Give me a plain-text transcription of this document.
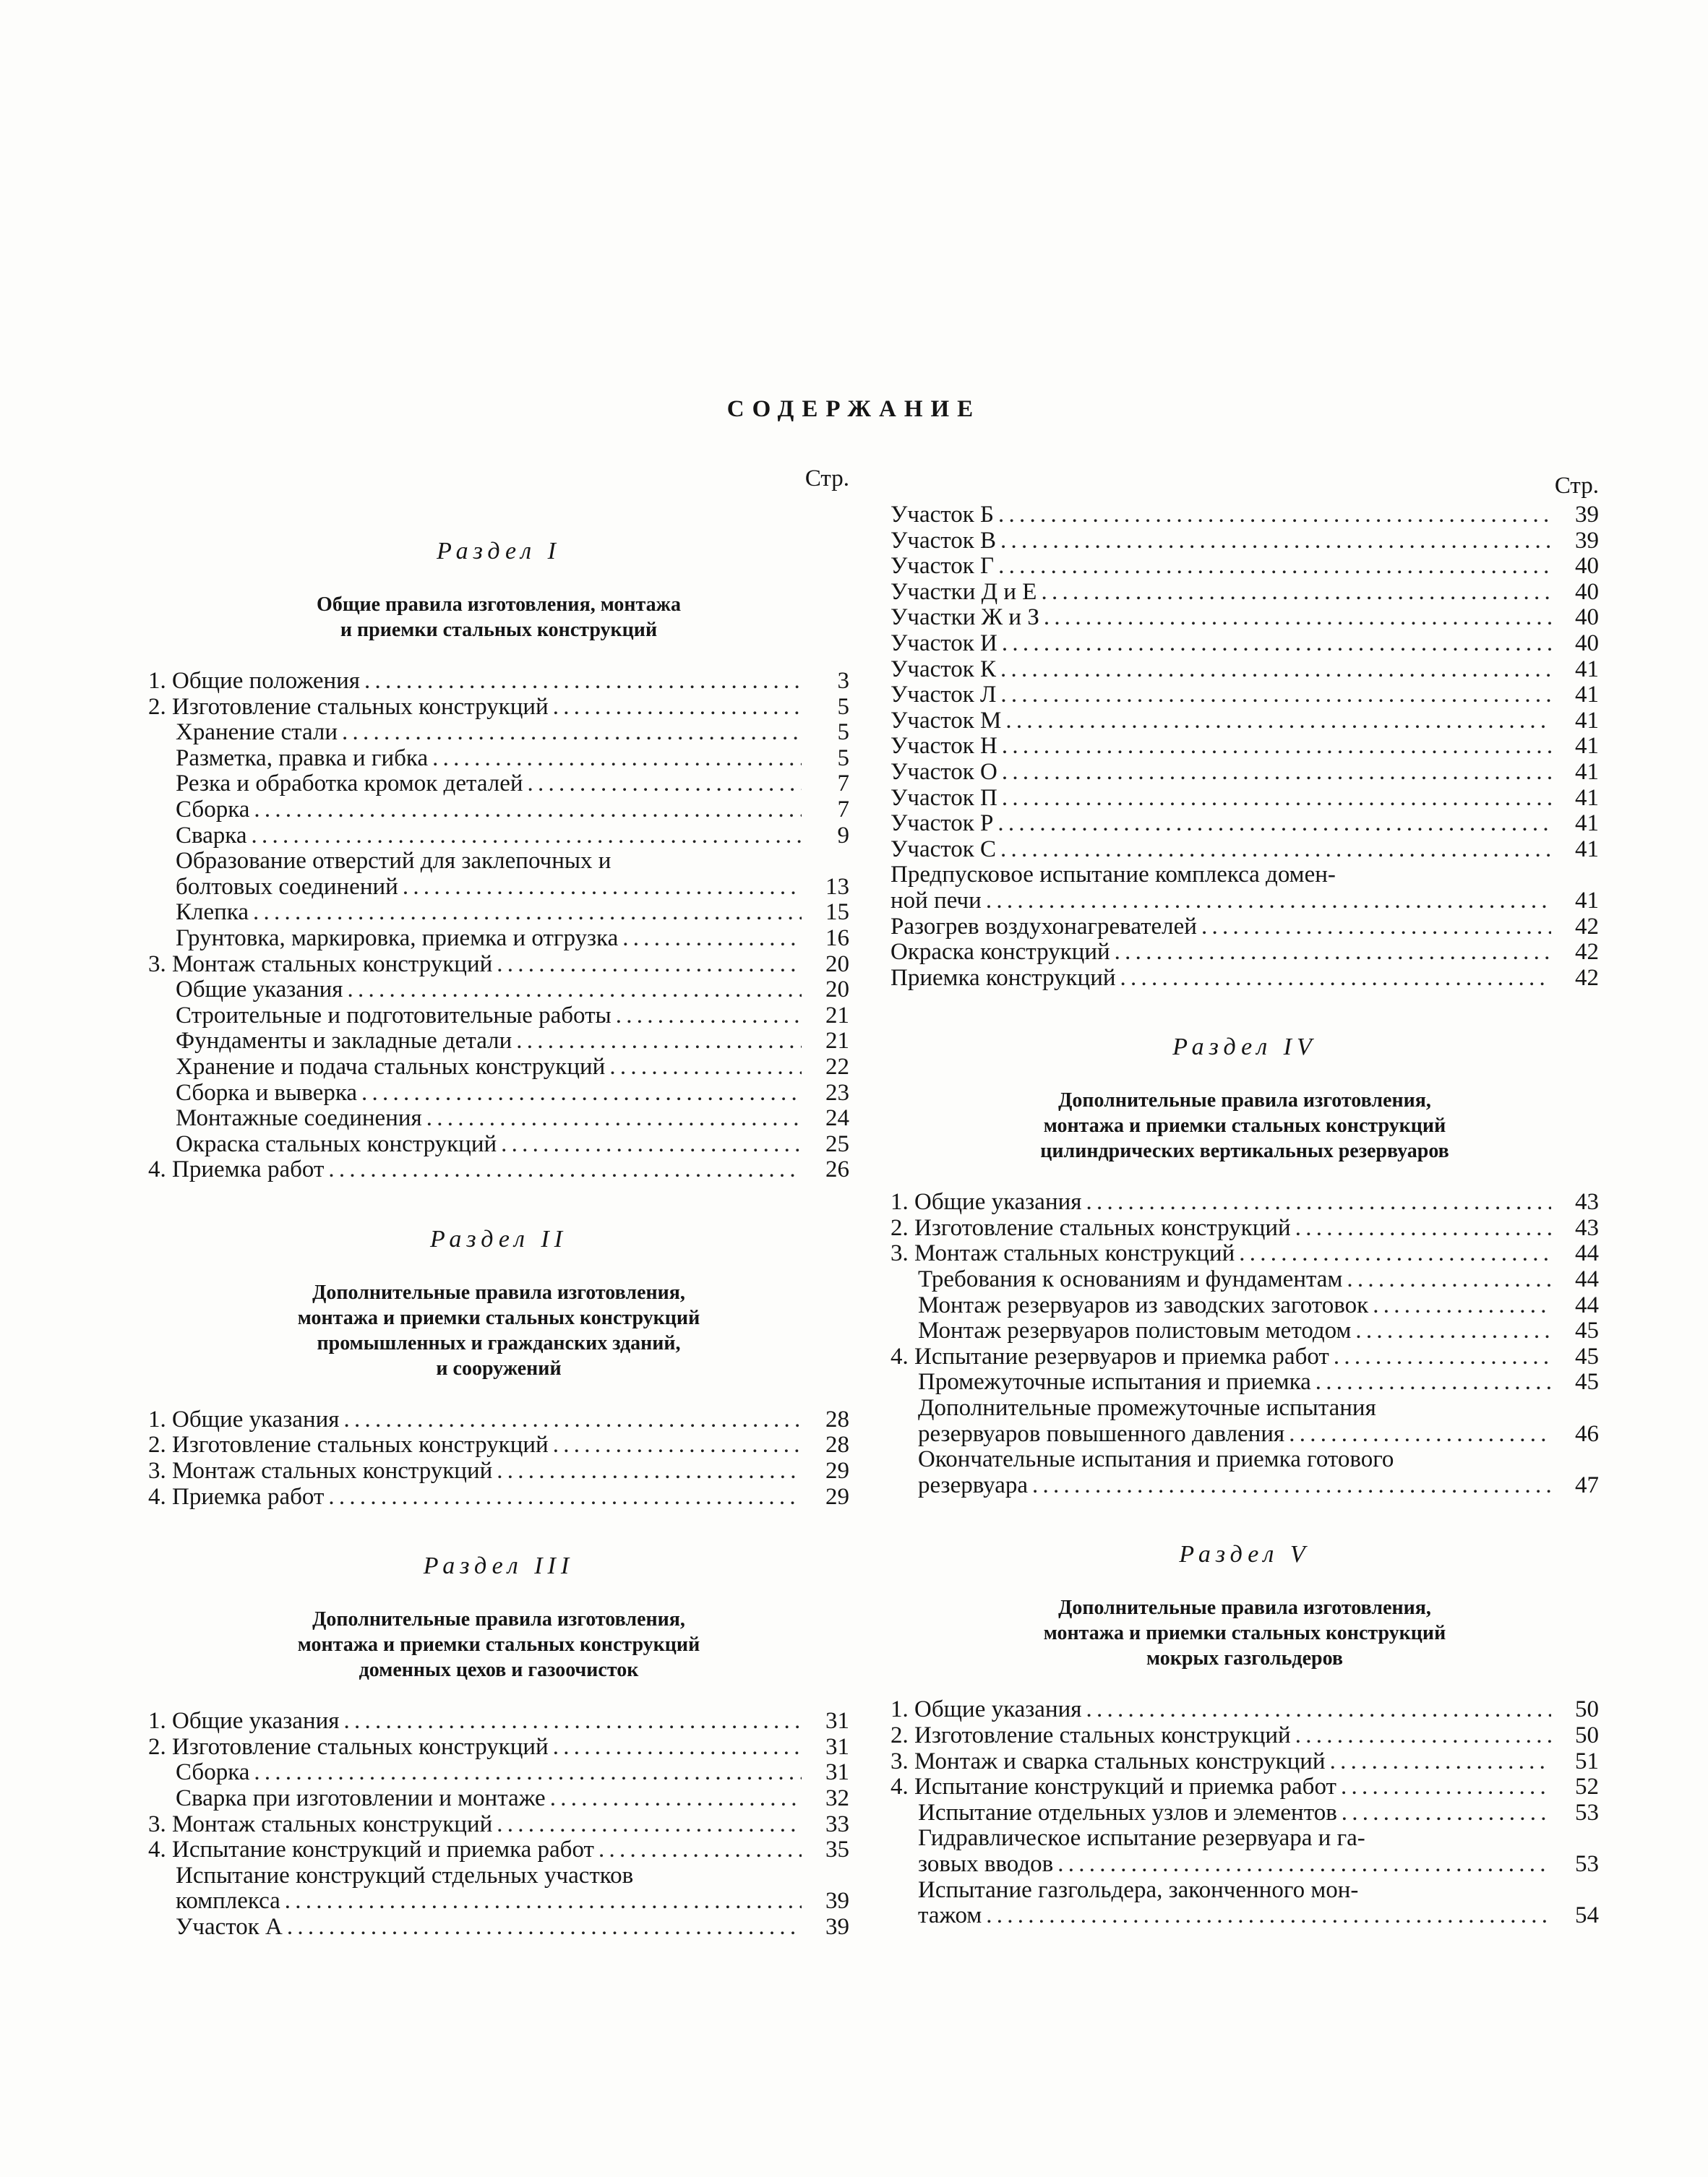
СОДЕРЖАНИЕ
Стр.
Раздел I
Общие правила изготовления, монтажа
и приемки стальных конструкций
1. Общие положения . . .	3
2. Изготовление стальных конструкций . . .	5
Хранение стали . . .	5
Разметка, правка и гибка . . .	5
Резка и обработка кромок деталей . . .	7
Сборка . . .	7
Сварка . . .	9
Образование отверстий для заклепочных и
болтовых соединений . . .	13
Клепка . . .	15
Грунтовка, маркировка, приемка и отгрузка . . .	16
3. Монтаж стальных конструкций . . .	20
Общие указания . . .	20
Строительные и подготовительные работы . . .	21
Фундаменты и закладные детали . . .	21
Хранение и подача стальных конструкций . . .	22
Сборка и выверка . . .	23
Монтажные соединения . . .	24
Окраска стальных конструкций . . .	25
4. Приемка работ . . .	26
Раздел II
Дополнительные правила изготовления,
монтажа и приемки стальных конструкций
промышленных и гражданских зданий,
и сооружений
1. Общие указания . . .	28
2. Изготовление стальных конструкций . . .	28
3. Монтаж стальных конструкций . . .	29
4. Приемка работ . . .	29
Раздел III
Дополнительные правила изготовления,
монтажа и приемки стальных конструкций
доменных цехов и газоочисток
1. Общие указания . . .	31
2. Изготовление стальных конструкций . . .	31
Сборка . . .	31
Сварка при изготовлении и монтаже . . .	32
3. Монтаж стальных конструкций . . .	33
4. Испытание конструкций и приемка работ . . .	35
Испытание конструкций стдельных участков
комплекса . . .	39
Участок А . . .	39
Стр.
Участок Б . . .	39
Участок В . . .	39
Участок Г . . .	40
Участки Д и Е . . .	40
Участки Ж и З . . .	40
Участок И . . .	40
Участок К . . .	41
Участок Л . . .	41
Участок М . . .	41
Участок Н . . .	41
Участок О . . .	41
Участок П . . .	41
Участок Р . . .	41
Участок С . . .	41
Предпусковое испытание комплекса домен-
ной печи . . .	41
Разогрев воздухонагревателей . . .	42
Окраска конструкций . . .	42
Приемка конструкций . . .	42
Раздел IV
Дополнительные правила изготовления,
монтажа и приемки стальных конструкций
цилиндрических вертикальных резервуаров
1. Общие указания . . .	43
2. Изготовление стальных конструкций . . .	43
3. Монтаж стальных конструкций . . .	44
Требования к основаниям и фундаментам . . .	44
Монтаж резервуаров из заводских заготовок . . .	44
Монтаж резервуаров полистовым методом . . .	45
4. Испытание резервуаров и приемка работ . . .	45
Промежуточные испытания и приемка . . .	45
Дополнительные промежуточные испытания
резервуаров повышенного давления . . .	46
Окончательные испытания и приемка готового
резервуара . . .	47
Раздел V
Дополнительные правила изготовления,
монтажа и приемки стальных конструкций
мокрых газгольдеров
1. Общие указания . . .	50
2. Изготовление стальных конструкций . . .	50
3. Монтаж и сварка стальных конструкций . . .	51
4. Испытание конструкций и приемка работ . . .	52
Испытание отдельных узлов и элементов . . .	53
Гидравлическое испытание резервуара и га-
зовых вводов . . .	53
Испытание газгольдера, законченного мон-
тажом . . .	54
